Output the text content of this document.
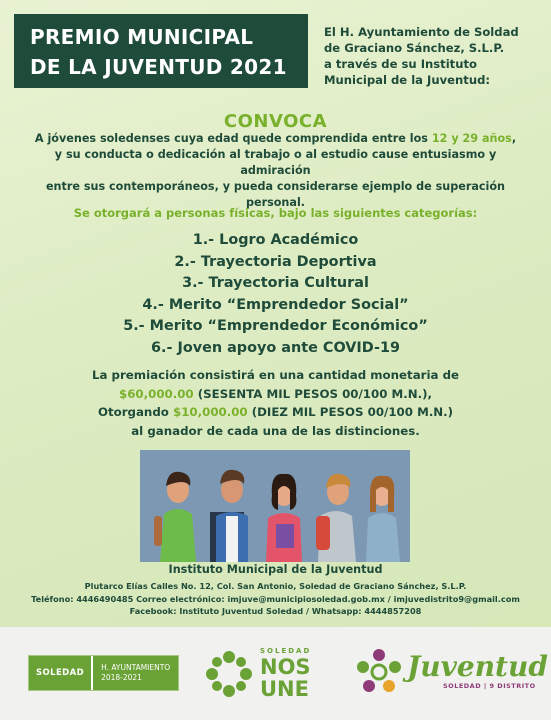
PREMIO MUNICIPAL
DE LA JUVENTUD 2021
El H. Ayuntamiento de Soldad
de Graciano Sánchez, S.L.P.
a través de su Instituto
Municipal de la Juventud:
CONVOCA
A jóvenes soledenses cuya edad quede comprendida entre los 12 y 29 años,
y su conducta o dedicación al trabajo o al estudio cause entusiasmo y admiración
entre sus contemporáneos, y pueda considerarse ejemplo de superación personal.
Se otorgará a personas físicas, bajo las siguientes categorías:
1.- Logro Académico
2.- Trayectoria Deportiva
3.- Trayectoria Cultural
4.- Merito “Emprendedor Social”
5.- Merito “Emprendedor Económico”
6.- Joven apoyo ante COVID-19
La premiación consistirá en una cantidad monetaria de
$60,000.00 (SESENTA MIL PESOS 00/100 M.N.),
Otorgando $10,000.00 (DIEZ MIL PESOS 00/100 M.N.)
al ganador de cada una de las distinciones.
Instituto Municipal de la Juventud
Plutarco Elías Calles No. 12, Col. San Antonio, Soledad de Graciano Sánchez, S.L.P.
Teléfono: 4446490485 Correo electrónico: imjuve@municipiosoledad.gob.mx / imjuvedistrito9@gmail.com
Facebook: Instituto Juventud Soledad / Whatsapp: 4444857208
SOLEDAD
H. AYUNTAMIENTO
2018-2021
SOLEDAD
NOS
UNE
Juventud
SOLEDAD | 9 DISTRITO
